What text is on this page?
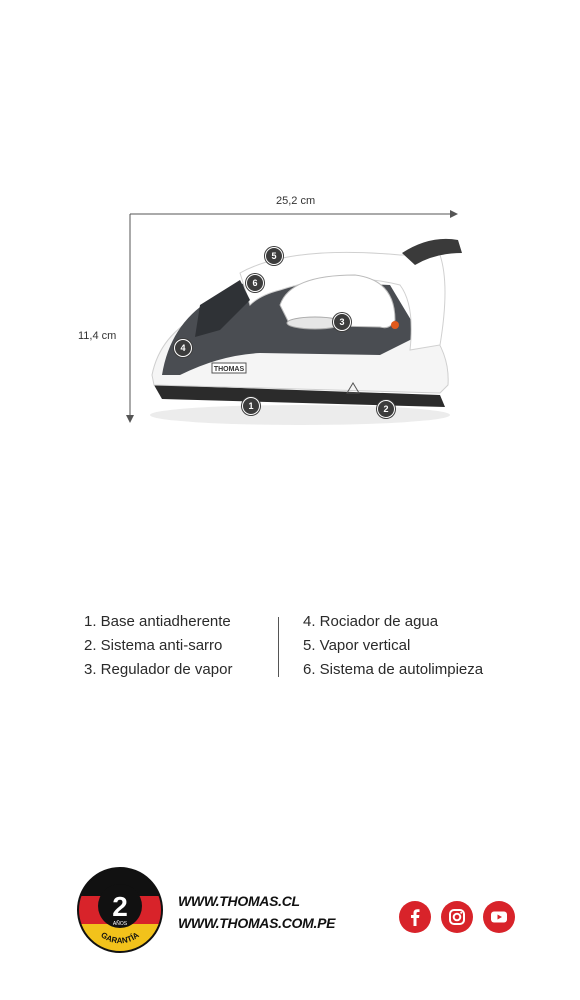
25,2 cm
11,4 cm
THOMAS
1	2
3
4
5
6
1. Base antiadherente
2. Sistema anti-sarro
3. Regulador de vapor
4. Rociador de agua
5. Vapor vertical
6. Sistema de autolimpieza
2
AÑOS
GARANTÍA
WWW.THOMAS.CL
WWW.THOMAS.COM.PE
